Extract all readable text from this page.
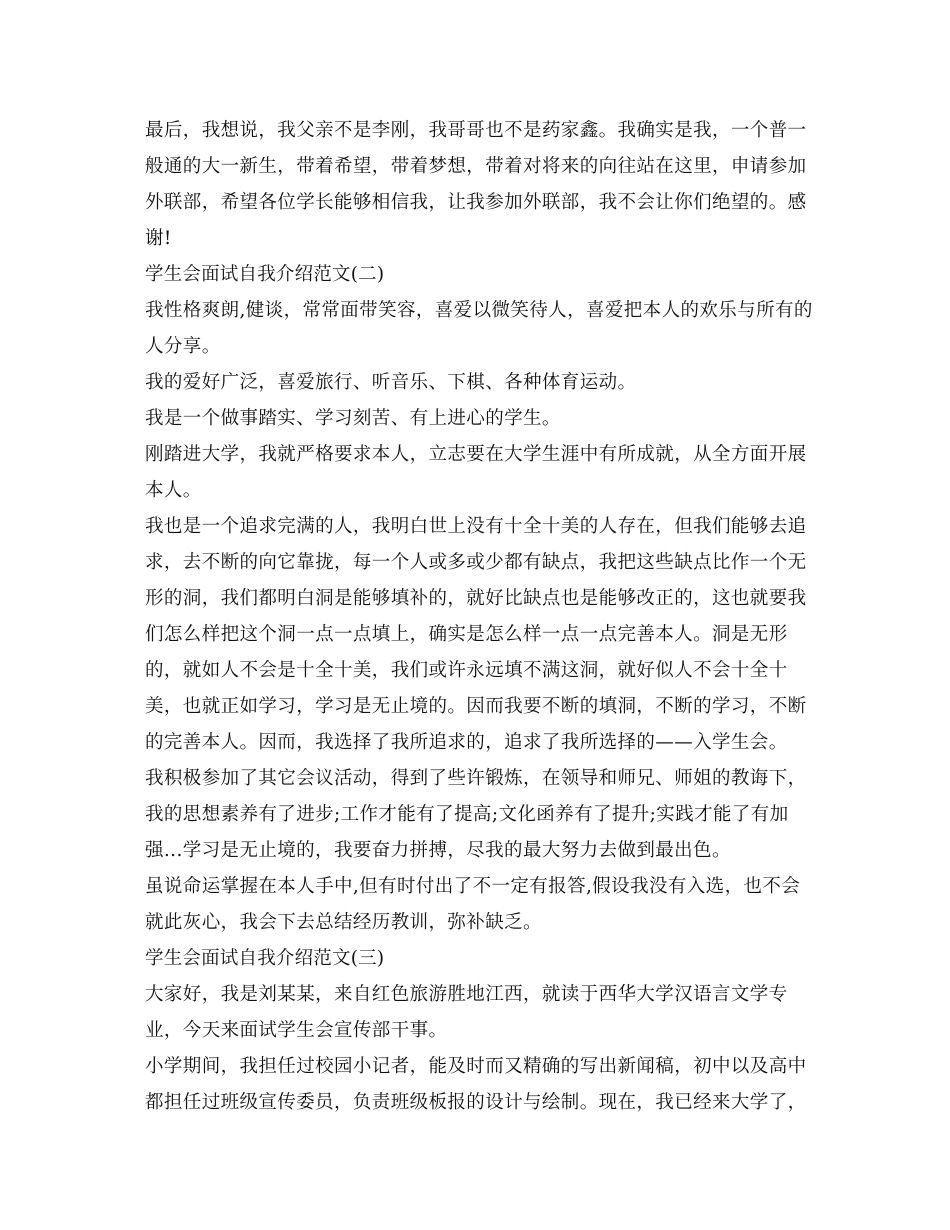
最后，我想说，我父亲不是李刚，我哥哥也不是药家鑫。我确实是我，一个普一
般通的大一新生，带着希望，带着梦想，带着对将来的向往站在这里，申请参加
外联部，希望各位学长能够相信我，让我参加外联部，我不会让你们绝望的。感
谢!
学生会面试自我介绍范文(二)
我性格爽朗,健谈，常常面带笑容，喜爱以微笑待人，喜爱把本人的欢乐与所有的
人分享。
我的爱好广泛，喜爱旅行、听音乐、下棋、各种体育运动。
我是一个做事踏实、学习刻苦、有上进心的学生。
刚踏进大学，我就严格要求本人，立志要在大学生涯中有所成就，从全方面开展
本人。
我也是一个追求完满的人，我明白世上没有十全十美的人存在，但我们能够去追
求，去不断的向它靠拢，每一个人或多或少都有缺点，我把这些缺点比作一个无
形的洞，我们都明白洞是能够填补的，就好比缺点也是能够改正的，这也就要我
们怎么样把这个洞一点一点填上，确实是怎么样一点一点完善本人。洞是无形
的，就如人不会是十全十美，我们或许永远填不满这洞，就好似人不会十全十
美，也就正如学习，学习是无止境的。因而我要不断的填洞，不断的学习，不断
的完善本人。因而，我选择了我所追求的，追求了我所选择的——入学生会。
我积极参加了其它会议活动，得到了些许锻炼，在领导和师兄、师姐的教诲下，
我的思想素养有了进步;工作才能有了提高;文化函养有了提升;实践才能了有加
强...学习是无止境的，我要奋力拼搏，尽我的最大努力去做到最出色。
虽说命运掌握在本人手中,但有时付出了不一定有报答,假设我没有入选，也不会
就此灰心，我会下去总结经历教训，弥补缺乏。
学生会面试自我介绍范文(三)
大家好，我是刘某某，来自红色旅游胜地江西，就读于西华大学汉语言文学专
业，今天来面试学生会宣传部干事。
小学期间，我担任过校园小记者，能及时而又精确的写出新闻稿，初中以及高中
都担任过班级宣传委员，负责班级板报的设计与绘制。现在，我已经来大学了，
